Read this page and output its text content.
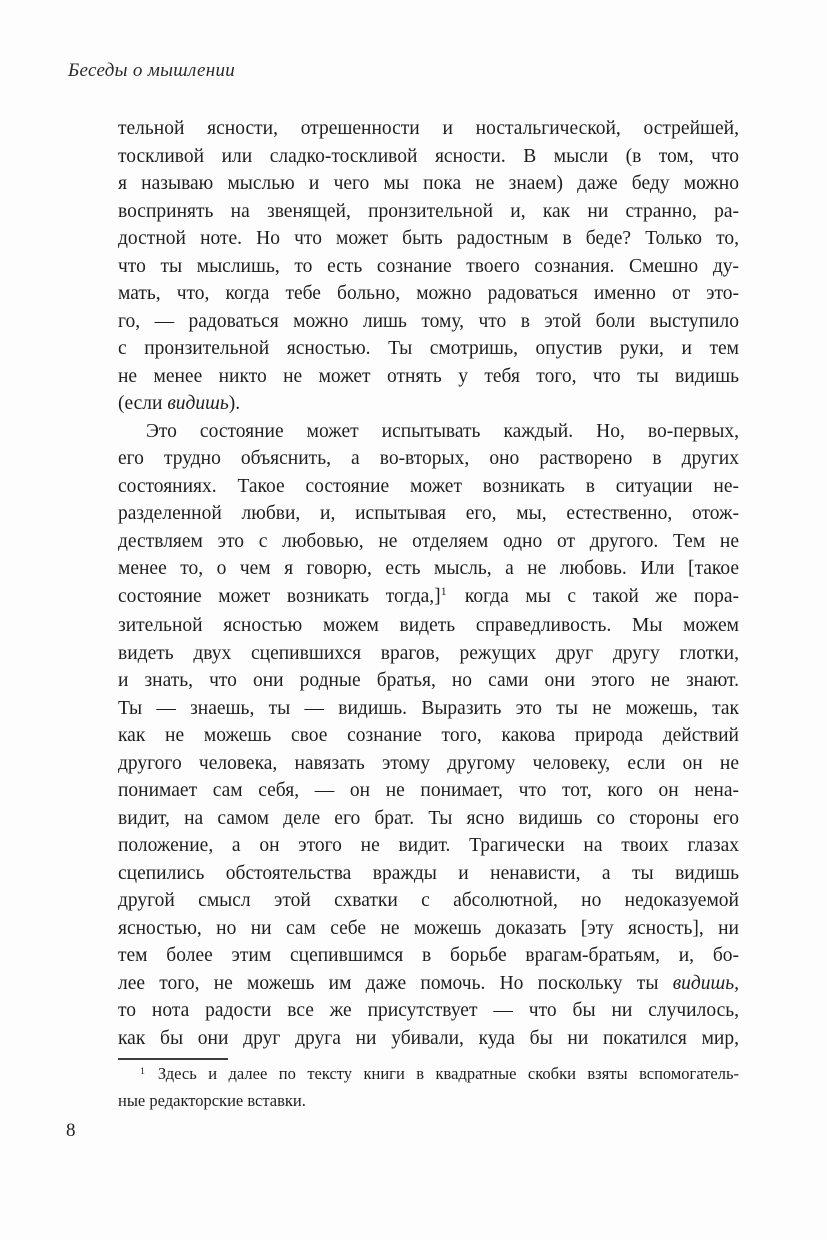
Беседы о мышлении
тельной ясности, отрешенности и ностальгической, острейшей,
тоскливой или сладко-тоскливой ясности. В мысли (в том, что
я называю мыслью и чего мы пока не знаем) даже беду можно
воспринять на звенящей, пронзительной и, как ни странно, ра-
достной ноте. Но что может быть радостным в беде? Только то,
что ты мыслишь, то есть сознание твоего сознания. Смешно ду-
мать, что, когда тебе больно, можно радоваться именно от это-
го, — радоваться можно лишь тому, что в этой боли выступило
с пронзительной ясностью. Ты смотришь, опустив руки, и тем
не менее никто не может отнять у тебя того, что ты видишь
(если видишь).
Это состояние может испытывать каждый. Но, во-первых,
его трудно объяснить, а во-вторых, оно растворено в других
состояниях. Такое состояние может возникать в ситуации не-
разделенной любви, и, испытывая его, мы, естественно, отож-
дествляем это с любовью, не отделяем одно от другого. Тем не
менее то, о чем я говорю, есть мысль, а не любовь. Или [такое
состояние может возникать тогда,]$^1$ когда мы с такой же пора-
зительной ясностью можем видеть справедливость. Мы можем
видеть двух сцепившихся врагов, режущих друг другу глотки,
и знать, что они родные братья, но сами они этого не знают.
Ты — знаешь, ты — видишь. Выразить это ты не можешь, так
как не можешь свое сознание того, какова природа действий
другого человека, навязать этому другому человеку, если он не
понимает сам себя, — он не понимает, что тот, кого он нена-
видит, на самом деле его брат. Ты ясно видишь со стороны его
положение, а он этого не видит. Трагически на твоих глазах
сцепились обстоятельства вражды и ненависти, а ты видишь
другой смысл этой схватки с абсолютной, но недоказуемой
ясностью, но ни сам себе не можешь доказать [эту ясность], ни
тем более этим сцепившимся в борьбе врагам-братьям, и, бо-
лее того, не можешь им даже помочь. Но поскольку ты видишь,
то нота радости все же присутствует — что бы ни случилось,
как бы они друг друга ни убивали, куда бы ни покатился мир,
$^1$ Здесь и далее по тексту книги в квадратные скобки взяты вспомогатель-
ные редакторские вставки.
8
